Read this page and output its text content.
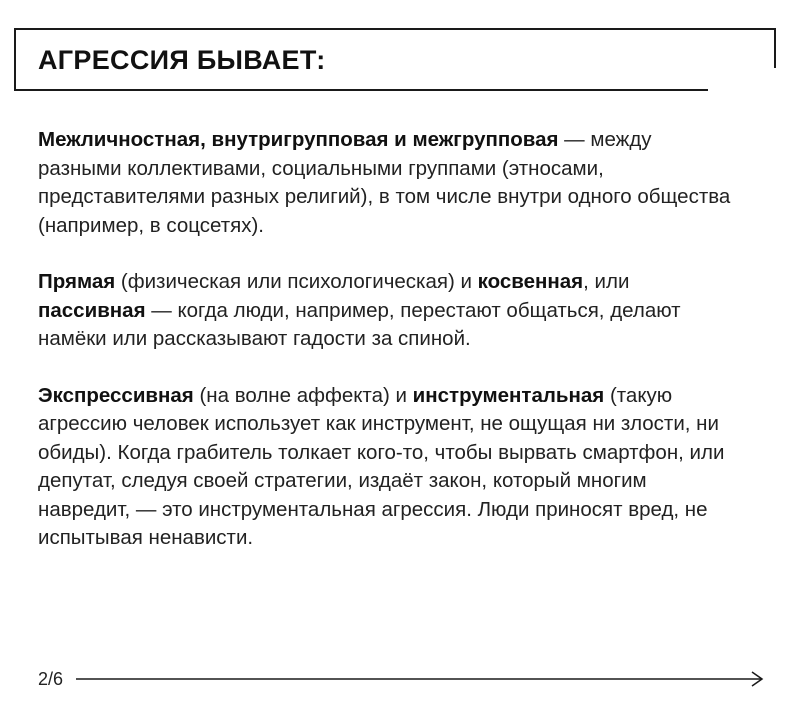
АГРЕССИЯ БЫВАЕТ:

Межличностная, внутригрупповая и межгрупповая — между разными коллективами, социальными группами (этносами, представителями разных религий), в том числе внутри одного общества (например, в соцсетях).

Прямая (физическая или психологическая) и косвенная, или пассивная — когда люди, например, перестают общаться, делают намёки или рассказывают гадости за спиной.

Экспрессивная (на волне аффекта) и инструментальная (такую агрессию человек использует как инструмент, не ощущая ни злости, ни обиды). Когда грабитель толкает кого-то, чтобы вырвать смартфон, или депутат, следуя своей стратегии, издаёт закон, который многим навредит, — это инструментальная агрессия. Люди приносят вред, не испытывая ненависти.

2/6
